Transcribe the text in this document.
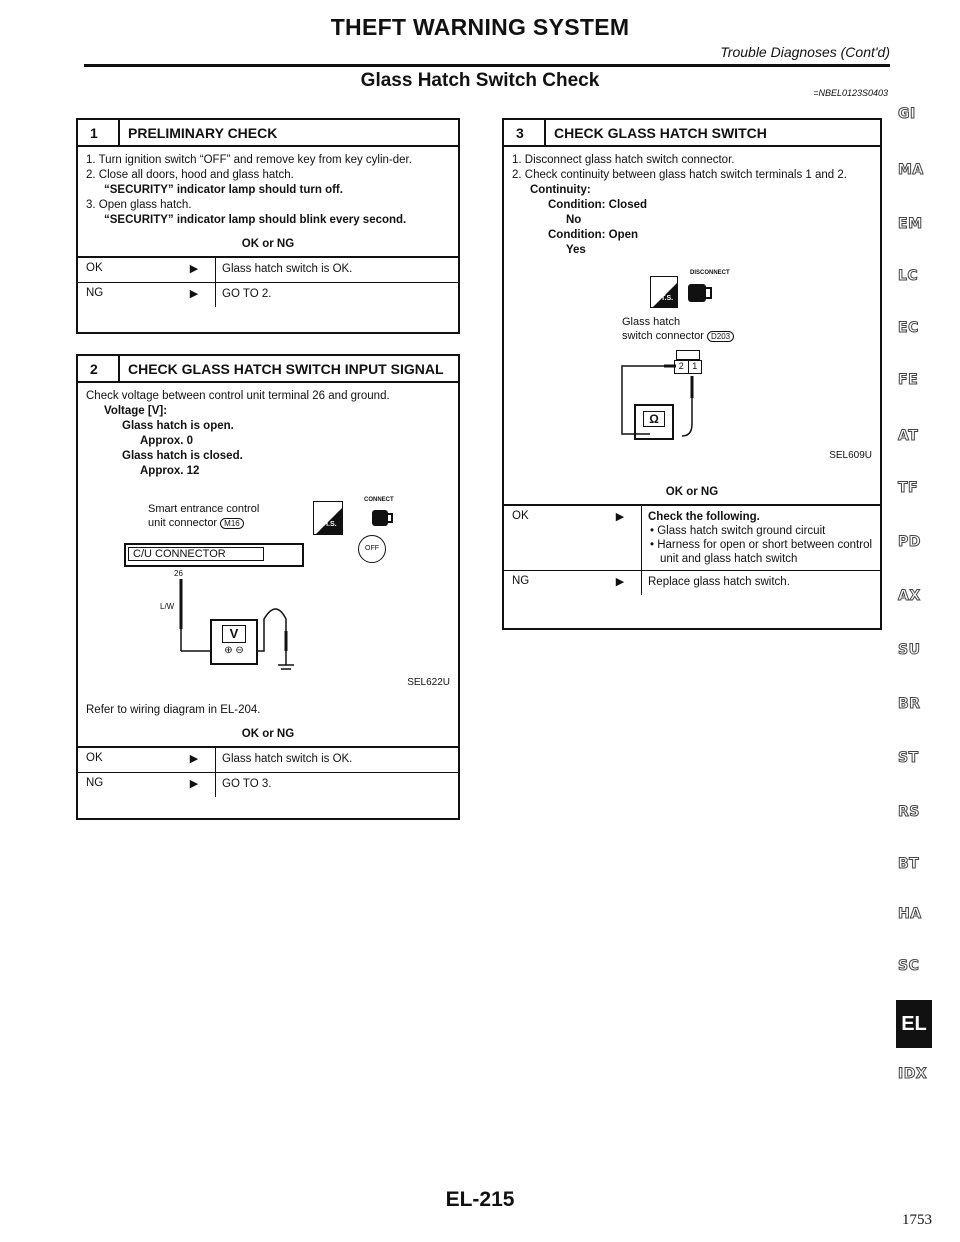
THEFT WARNING SYSTEM
Trouble Diagnoses (Cont'd)
Glass Hatch Switch Check
=NBEL0123S0403
1	PRELIMINARY CHECK
1. Turn ignition switch “OFF” and remove key from key cylin-der.
2. Close all doors, hood and glass hatch.
“SECURITY” indicator lamp should turn off.
3. Open glass hatch.
“SECURITY” indicator lamp should blink every second.
OK or NG
OK	▶	Glass hatch switch is OK.
NG	▶	GO TO 2.
2	CHECK GLASS HATCH SWITCH INPUT SIGNAL
Check voltage between control unit terminal 26 and ground.
Voltage [V]:
Glass hatch is open.
Approx. 0
Glass hatch is closed.
Approx. 12
Smart entrance control
unit connector M16	H.S.
CONNECT
OFF
C/U CONNECTOR
26
L/W
V
⊕ ⊖
SEL622U
Refer to wiring diagram in EL-204.
OK or NG
OK	▶	Glass hatch switch is OK.
NG	▶	GO TO 3.
3	CHECK GLASS HATCH SWITCH
1. Disconnect glass hatch switch connector.
2. Check continuity between glass hatch switch terminals 1 and 2.
Continuity:
Condition: Closed
No
Condition: Open
Yes
T.S.
DISCONNECT
Glass hatch
switch connector D203
2 1
Ω
SEL609U
OK or NG
OK	▶	Check the following.
• Glass hatch switch ground circuit
• Harness for open or short between control unit and glass hatch switch
NG	▶	Replace glass hatch switch.
GI
MA
EM
LC
EC
FE
AT
TF
PD
AX
SU
BR
ST
RS
BT
HA
SC
EL
IDX
EL-215
1753
